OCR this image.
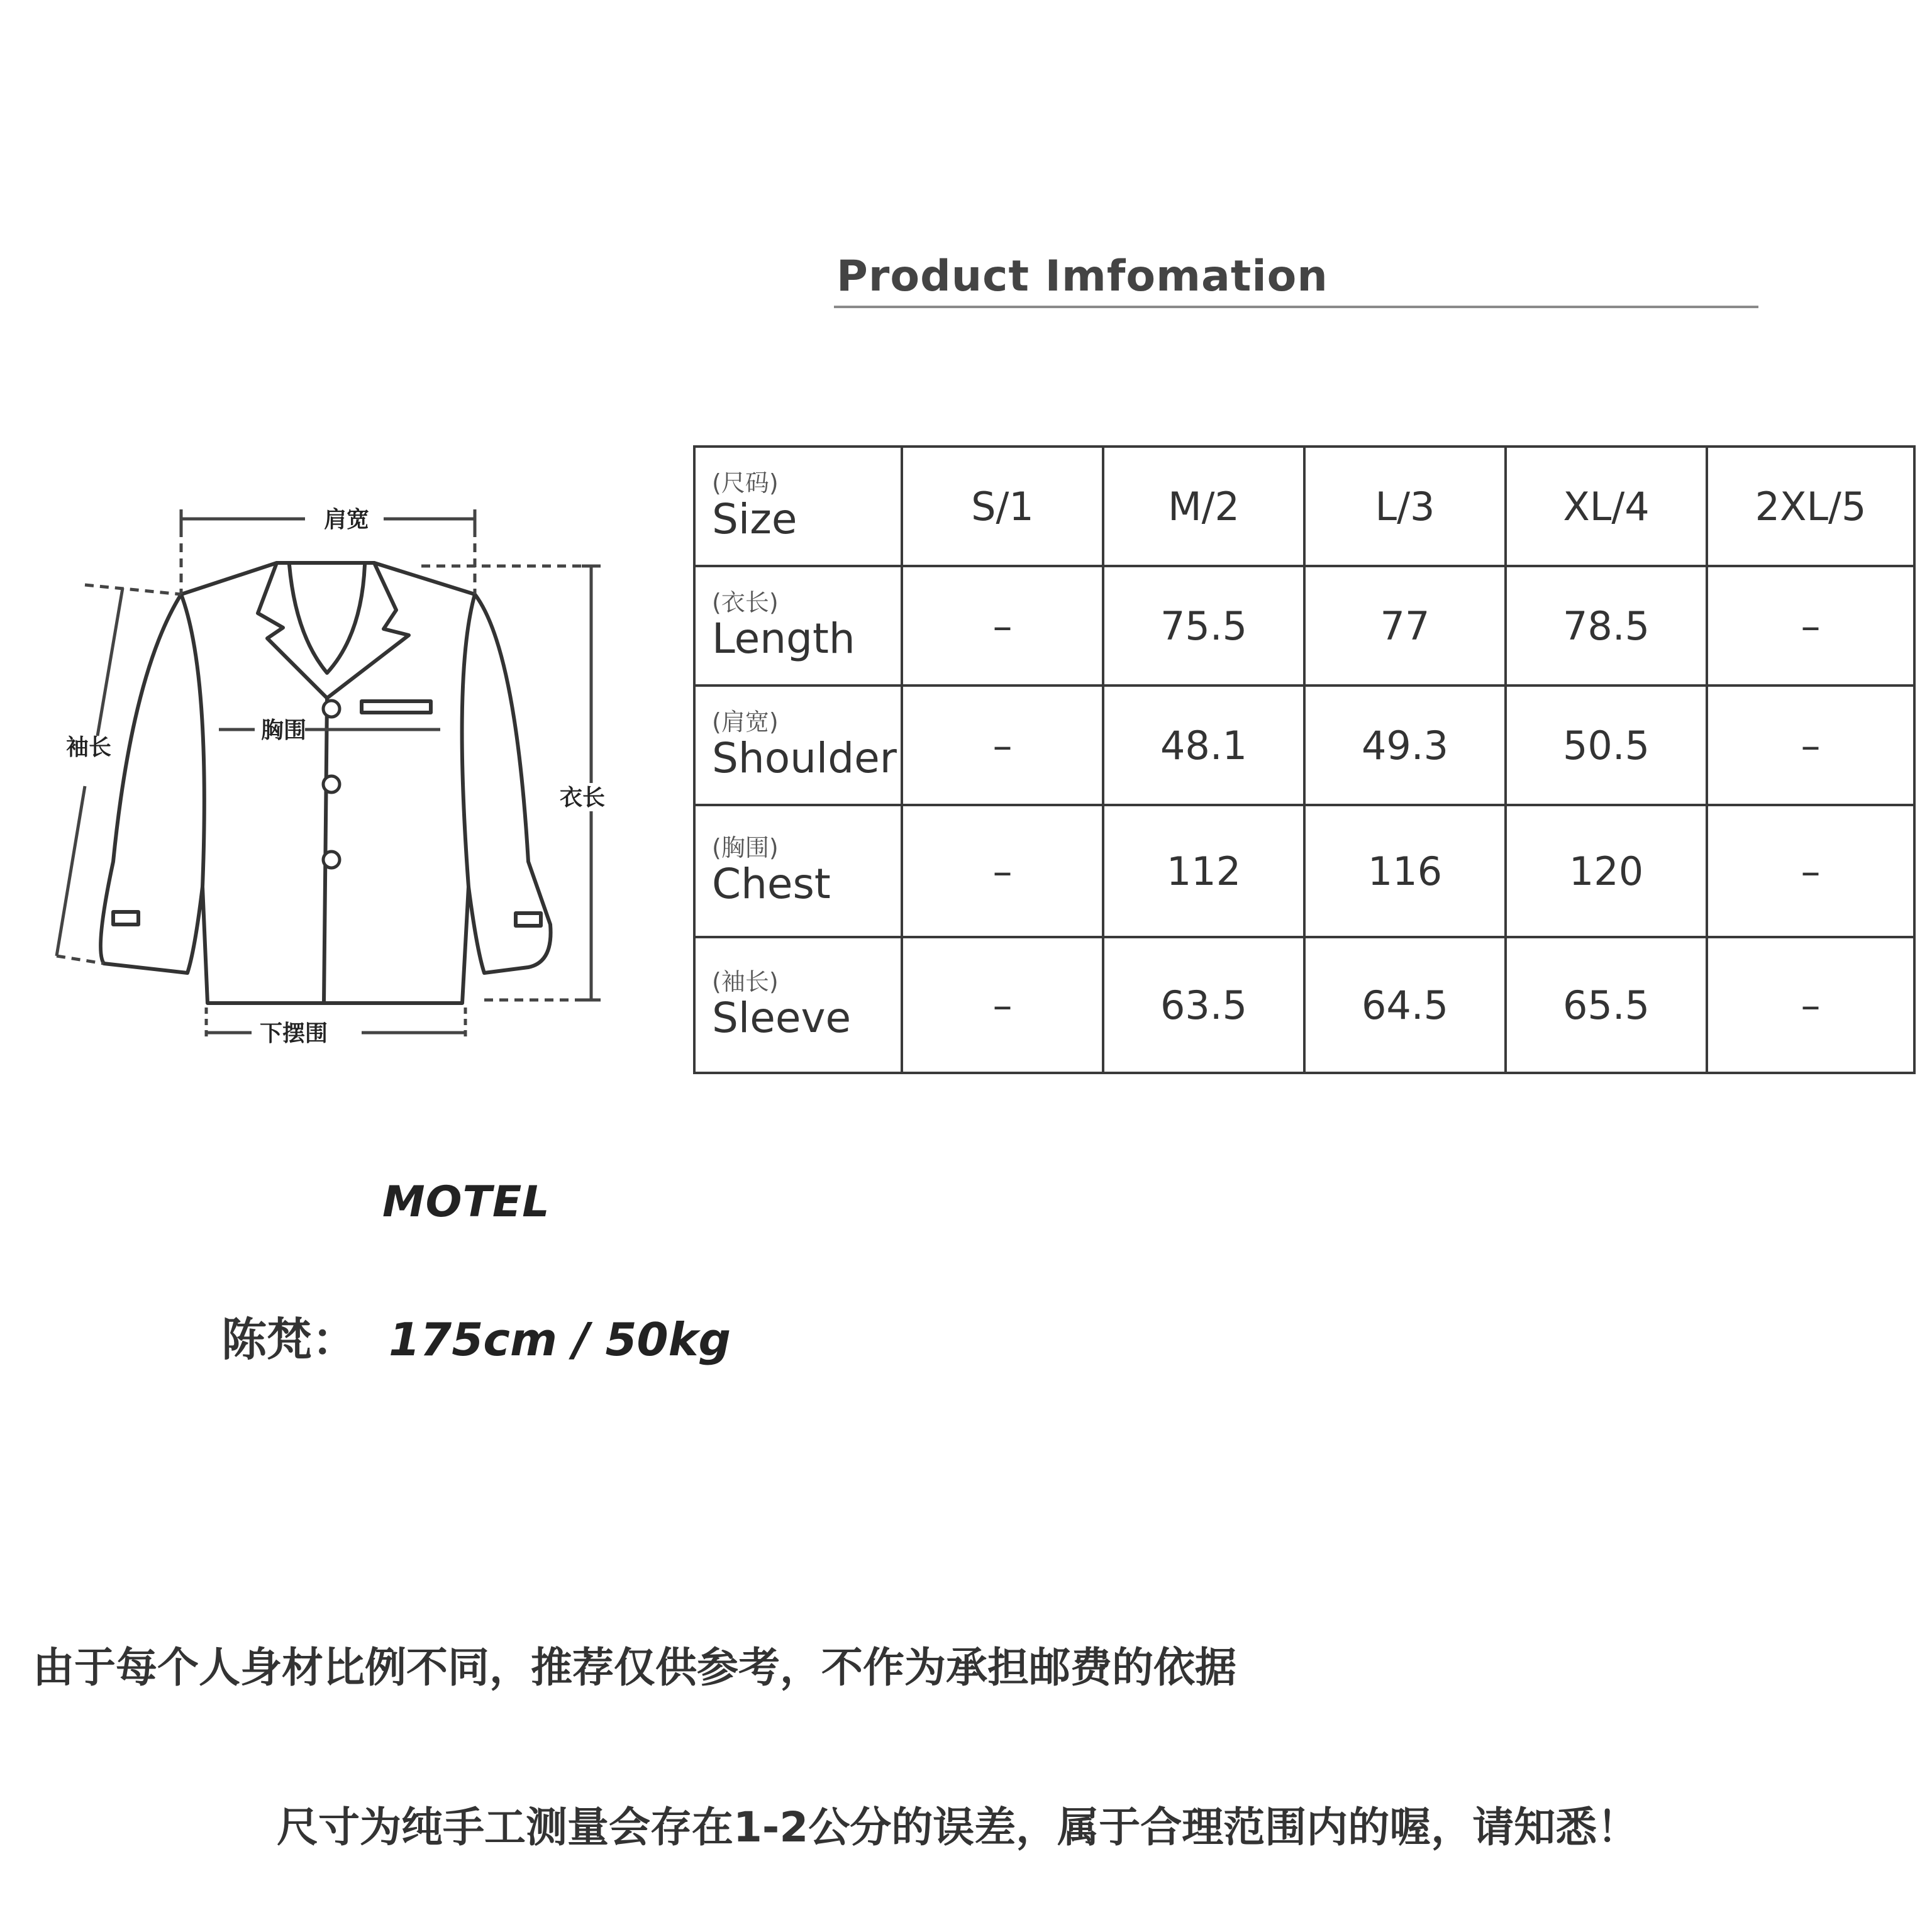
Product Imfomation
肩宽
袖长
胸围
衣长
下摆围
(尺码)
Size	S/1	M/2	L/3	XL/4	2XL/5

(衣长)
Length	–	75.5	77	78.5	–

(肩宽)
Shoulder	–	48.1	49.3	50.5	–

(胸围)
Chest	–	112	116	120	–

(袖长)
Sleeve	–	63.5	64.5	65.5	–
MOTEL
陈梵： 175cm / 50kg
由于每个人身材比例不同，推荐仅供参考，不作为承担邮费的依据
尺寸为纯手工测量会存在1-2公分的误差，属于合理范围内的喔，请知悉！
